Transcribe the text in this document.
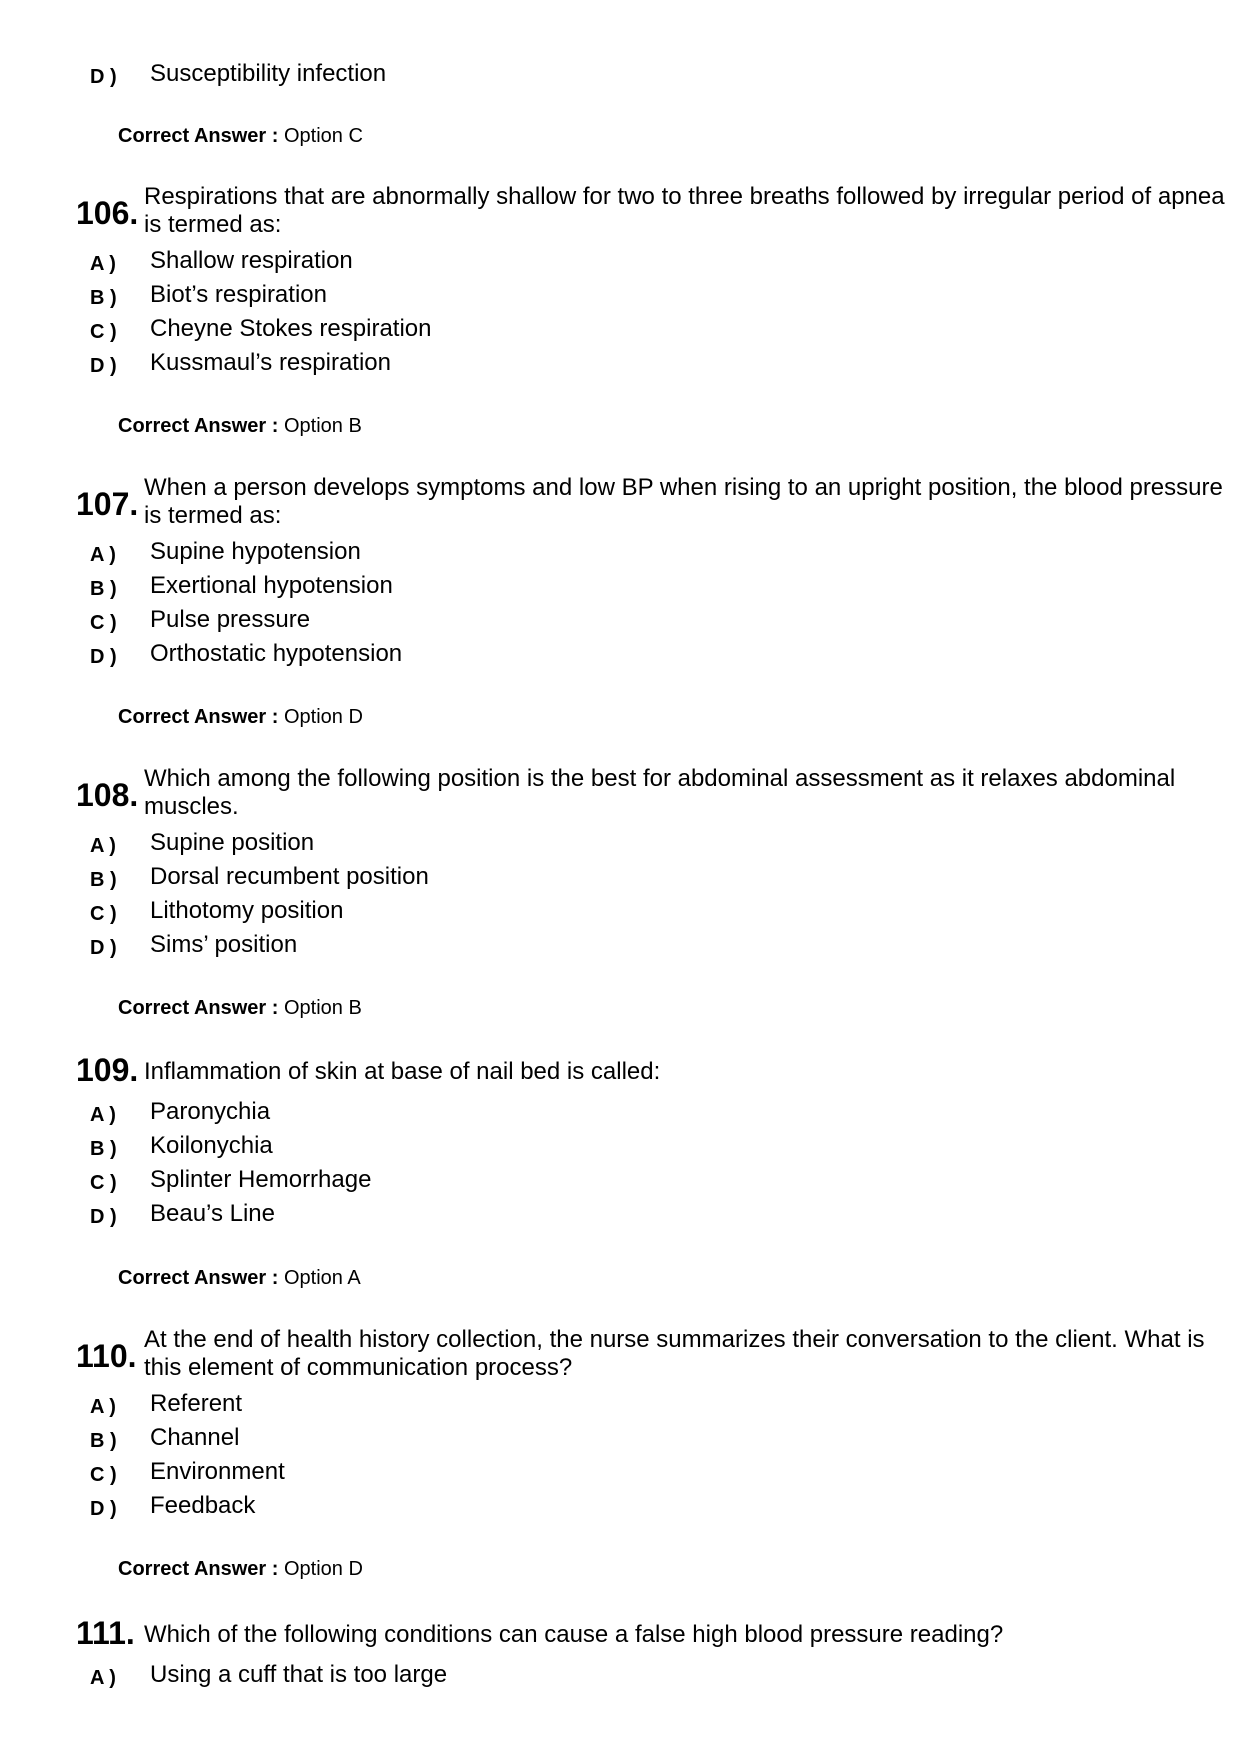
D ) Susceptibility infection
Correct Answer : Option C
106. Respirations that are abnormally shallow for two to three breaths followed by irregular period of apnea is termed as:
A ) Shallow respiration
B ) Biot’s respiration
C ) Cheyne Stokes respiration
D ) Kussmaul’s respiration
Correct Answer : Option B
107. When a person develops symptoms and low BP when rising to an upright position, the blood pressure is termed as:
A ) Supine hypotension
B ) Exertional hypotension
C ) Pulse pressure
D ) Orthostatic hypotension
Correct Answer : Option D
108. Which among the following position is the best for abdominal assessment as it relaxes abdominal muscles.
A ) Supine position
B ) Dorsal recumbent position
C ) Lithotomy position
D ) Sims’ position
Correct Answer : Option B
109. Inflammation of skin at base of nail bed is called:
A ) Paronychia
B ) Koilonychia
C ) Splinter Hemorrhage
D ) Beau’s Line
Correct Answer : Option A
110. At the end of health history collection, the nurse summarizes their conversation to the client. What is this element of communication process?
A ) Referent
B ) Channel
C ) Environment
D ) Feedback
Correct Answer : Option D
111. Which of the following conditions can cause a false high blood pressure reading?
A ) Using a cuff that is too large
